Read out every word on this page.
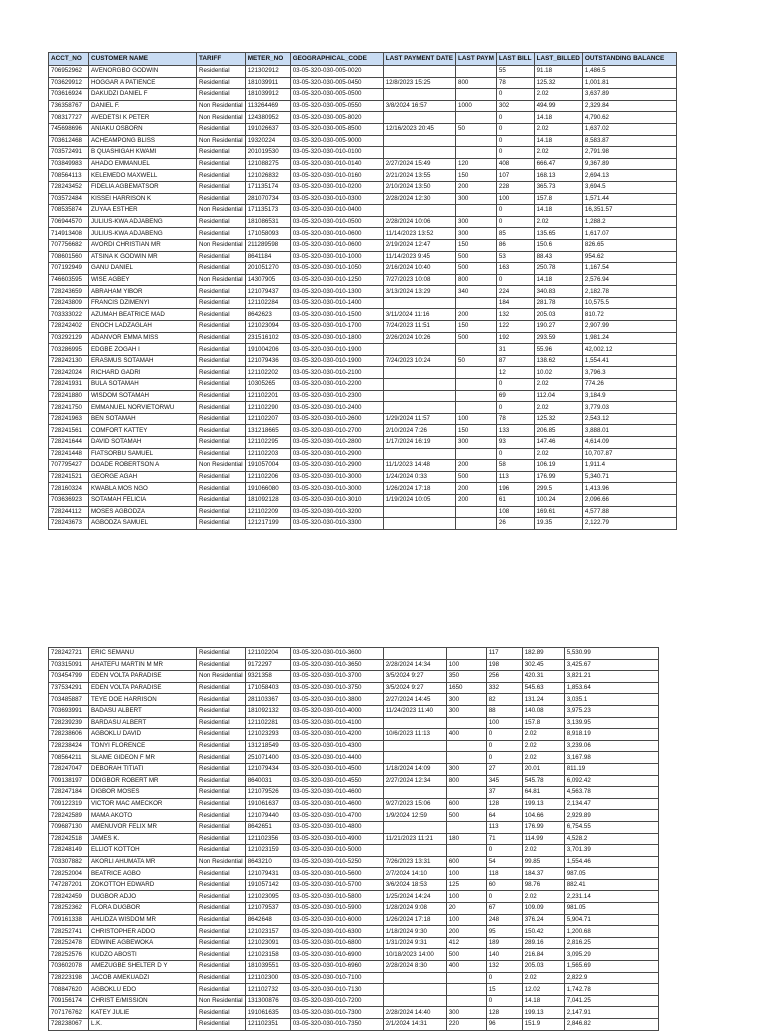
ACCT_NO	CUSTOMER NAME	TARIFF	METER_NO	GEOGRAPHICAL_CODE	LAST PAYMENT DATE	LAST PAYM	LAST BILL	LAST_BILLED	OUTSTANDING BALANCE
706952962	AVENORGBO GODWIN	Residential	121302912	03-05-320-030-005-0020			55	91.18	1,486.5
703629912	HOGGAR A PATIENCE	Residential	181039911	03-05-320-030-005-0450	12/8/2023 15:25	800	78	125.32	1,001.81
703616924	DAKUDZI DANIEL F	Residential	181039912	03-05-320-030-005-0500			0	2.02	3,637.89
736358767	DANIEL F.	Non Residential	113264469	03-05-320-030-005-0550	3/8/2024 16:57	1000	302	494.99	2,329.84
708317727	AVEDETSI K PETER	Non Residential	124380952	03-05-320-030-005-8020			0	14.18	4,790.62
745698696	ANIAKU OSBORN	Residential	191026637	03-05-320-030-005-8500	12/16/2023 20:45	50	0	2.02	1,637.02
703612468	ACHEAMPONG BLISS	Non Residential	19320224	03-05-320-030-005-9000			0	14.18	8,583.87
703572491	B QUASHIGAH KWAMI	Residential	201019530	03-05-320-030-010-0100			0	2.02	2,791.98
703849983	AHADO EMMANUEL	Residential	121088275	03-05-320-030-010-0140	2/27/2024 15:49	120	408	666.47	9,367.89
708564113	KELEMEDO MAXWELL	Residential	121026832	03-05-320-030-010-0160	2/21/2024 13:55	150	107	168.13	2,694.13
728243452	FIDELIA AGBEMATSOR	Residential	171135174	03-05-320-030-010-0200	2/10/2024 13:50	200	228	365.73	3,694.5
703572484	KISSEI HARRISON K	Residential	281070734	03-05-320-030-010-0300	2/28/2024 12:30	300	100	157.8	1,571.44
708535874	ZUYAA ESTHER	Non Residential	171135173	03-05-320-030-010-0400			0	14.18	16,351.57
706944570	JULIUS-KWA ADJABENG	Residential	181086531	03-05-320-030-010-0500	2/28/2024 10:06	300	0	2.02	1,288.2
714913408	JULIUS-KWA ADJABENG	Residential	171058093	03-05-320-030-010-0600	11/14/2023 13:52	300	85	135.65	1,617.07
707756682	AVORDI CHRISTIAN MR	Non Residential	211289598	03-05-320-030-010-0600	2/19/2024 12:47	150	86	150.6	826.65
708601560	ATSINA K GODWIN MR	Residential	8641184	03-05-320-030-010-1000	11/14/2023 9:45	500	53	88.43	954.62
707192949	GANU DANIEL	Residential	201051270	03-05-320-030-010-1050	2/16/2024 10:40	500	163	250.78	1,167.54
746603595	WISE AGBEY	Non Residential	14307905	03-05-320-030-010-1250	7/27/2023 10:08	800	0	14.18	2,576.94
728243659	ABRAHAM YIBOR	Residential	121079437	03-05-320-030-010-1300	3/13/2024 13:29	340	224	340.83	2,182.78
728243809	FRANCIS DZIMENYI	Residential	121102284	03-05-320-030-010-1400			184	281.78	10,575.5
703333022	AZUMAH BEATRICE MAD	Residential	8642623	03-05-320-030-010-1500	3/11/2024 11:16	200	132	205.03	810.72
728242402	ENOCH LADZAGLAH	Residential	121023094	03-05-320-030-010-1700	7/24/2023 11:51	150	122	190.27	2,907.99
703292129	ADANVOR EMMA MISS	Residential	231516102	03-05-320-030-010-1800	2/26/2024 10:26	500	192	293.59	1,981.24
703286995	EDGBE ZOGAH I	Residential	191004206	03-05-320-030-010-1900			31	55.96	42,002.12
728242130	ERASMUS SOTAMAH	Residential	121079436	03-05-320-030-010-1900	7/24/2023 10:24	50	87	138.62	1,554.41
728242024	RICHARD GADRI	Residential	121102202	03-05-320-030-010-2100			12	10.02	3,796.3
728241931	BULA SOTAMAH	Residential	10305265	03-05-320-030-010-2200			0	2.02	774.26
728241880	WISDOM SOTAMAH	Residential	121102201	03-05-320-030-010-2300			69	112.04	3,184.9
728241750	EMMANUEL NORVIETORWU	Residential	121102290	03-05-320-030-010-2400			0	2.02	3,779.03
728241963	BEN SOTAMAH	Residential	121102207	03-05-320-030-010-2600	1/29/2024 11:57	100	78	125.32	2,543.12
728241561	COMFORT KATTEY	Residential	131218665	03-05-320-030-010-2700	2/10/2024 7:26	150	133	206.85	3,888.01
728241644	DAVID SOTAMAH	Residential	121102295	03-05-320-030-010-2800	1/17/2024 16:19	300	93	147.46	4,614.09
728241448	FIATSORBU SAMUEL	Residential	121102203	03-05-320-030-010-2900			0	2.02	10,707.87
707795427	DOADE ROBERTSON A	Non Residential	191057004	03-05-320-030-010-2900	11/1/2023 14:48	200	58	106.19	1,911.4
728241521	GEORGE AGAH	Residential	121102206	03-05-320-030-010-3000	1/24/2024 0:33	500	113	176.99	5,340.71
728160324	KWABLA MOS NGO	Residential	191066080	03-05-320-030-010-3000	1/26/2024 17:18	200	196	299.5	1,413.96
703636923	SOTAMAH FELICIA	Residential	181092128	03-05-320-030-010-3010	1/19/2024 10:05	200	61	100.24	2,096.66
728244112	MOSES AGBODZA	Residential	121102209	03-05-320-030-010-3200			108	169.61	4,577.88
728243673	AGBODZA SAMUEL	Residential	121217199	03-05-320-030-010-3300			26	19.35	2,122.79
728242721	ERIC SEMANU	Residential	121102204	03-05-320-030-010-3600			117	182.89	5,530.99
703315091	AHATEFU MARTIN M MR	Residential	9172297	03-05-320-030-010-3650	2/28/2024 14:34	100	198	302.45	3,425.67
703454799	EDEN VOLTA PARADISE	Non Residential	9321358	03-05-320-030-010-3700	3/5/2024 9:27	350	256	420.31	3,821.21
737534291	EDEN VOLTA PARADISE	Residential	171058403	03-05-320-030-010-3750	3/5/2024 9:27	1650	332	545.63	1,853.64
703485887	TEYE DOE HARRISON	Residential	281103367	03-05-320-030-010-3800	2/27/2024 14:45	300	82	131.24	3,035.1
703693991	BADASU ALBERT	Residential	181092132	03-05-320-030-010-4000	11/24/2023 11:40	300	88	140.08	3,975.23
728239239	BARDASU ALBERT	Residential	121102281	03-05-320-030-010-4100			100	157.8	3,139.95
728238606	AGBOKLU DAVID	Residential	121023293	03-05-320-030-010-4200	10/6/2023 11:13	400	0	2.02	8,918.19
728238424	TONYI FLORENCE	Residential	131218549	03-05-320-030-010-4300			0	2.02	3,239.06
708564211	SLAME GIDEON F MR	Residential	251071400	03-05-320-030-010-4400			0	2.02	3,167.98
728247047	DEBORAH TITIATI	Residential	121079434	03-05-320-030-010-4500	1/18/2024 14:09	300	27	20.01	811.19
709138197	DDIGBOR ROBERT MR	Residential	8640031	03-05-320-030-010-4550	2/27/2024 12:34	800	345	545.78	6,092.42
728247184	DIGBOR MOSES	Residential	121079526	03-05-320-030-010-4600			37	64.81	4,563.78
709122319	VICTOR MAC AMECKOR	Residential	191061637	03-05-320-030-010-4600	9/27/2023 15:06	600	128	199.13	2,134.47
728242589	MAMA AKOTO	Residential	121079440	03-05-320-030-010-4700	1/9/2024 12:59	500	64	104.66	2,929.89
709687130	AMENUVOR FELIX MR	Residential	8642651	03-05-320-030-010-4800			113	176.99	6,754.55
728242518	JAMES K.	Residential	121102356	03-05-320-030-010-4900	11/21/2023 11:21	180	71	114.99	4,528.2
728248149	ELLIOT KOTTOH	Residential	121023159	03-05-320-030-010-5000			0	2.02	3,701.39
703307882	AKORLI AHUMATA MR	Non Residential	8643210	03-05-320-030-010-5250	7/26/2023 13:31	600	54	99.85	1,554.46
728252004	BEATRICE AGBO	Residential	121079431	03-05-320-030-010-5600	2/7/2024 14:10	100	118	184.37	987.05
747287201	ZOKOTTOH EDWARD	Residential	191057142	03-05-320-030-010-5700	3/6/2024 18:53	125	60	98.76	882.41
728242459	DUGBOR ADJO	Residential	121023095	03-05-320-030-010-5800	1/25/2024 14:24	100	0	2.02	2,231.14
728252362	FLORA DUGBOR	Residential	121079537	03-05-320-030-010-5900	1/28/2024 9:08	20	67	109.09	981.05
709161338	AHLIDZA WISDOM MR	Residential	8642648	03-05-320-030-010-6000	1/26/2024 17:18	100	248	376.24	5,904.71
728252741	CHRISTOPHER ADDO	Residential	121023157	03-05-320-030-010-6300	1/18/2024 9:30	200	95	150.42	1,200.68
728252478	EDWINE AGBEWOKA	Residential	121023091	03-05-320-030-010-6800	1/31/2024 9:31	412	189	289.16	2,816.25
728252576	KUDZO ABOSTI	Residential	121023158	03-05-320-030-010-6900	10/18/2023 14:00	500	140	216.84	3,095.29
703602078	AMEZUGBE SHELTER D Y	Residential	181039551	03-05-320-030-010-6960	2/28/2024 8:30	400	132	205.03	1,565.69
728223198	JACOB AMEKUADZI	Residential	121102300	03-05-320-030-010-7100			0	2.02	2,822.9
708847620	AGBOKLU EDO	Residential	121102732	03-05-320-030-010-7130			15	12.02	1,742.78
709156174	CHRIST E/MISSION	Non Residential	131300876	03-05-320-030-010-7200			0	14.18	7,041.25
707176762	KATEY JULIE	Residential	191061635	03-05-320-030-010-7300	2/28/2024 14:40	300	128	199.13	2,147.91
728238067	L.K.	Residential	121102351	03-05-320-030-010-7350	2/1/2024 14:31	220	96	151.9	2,846.82
